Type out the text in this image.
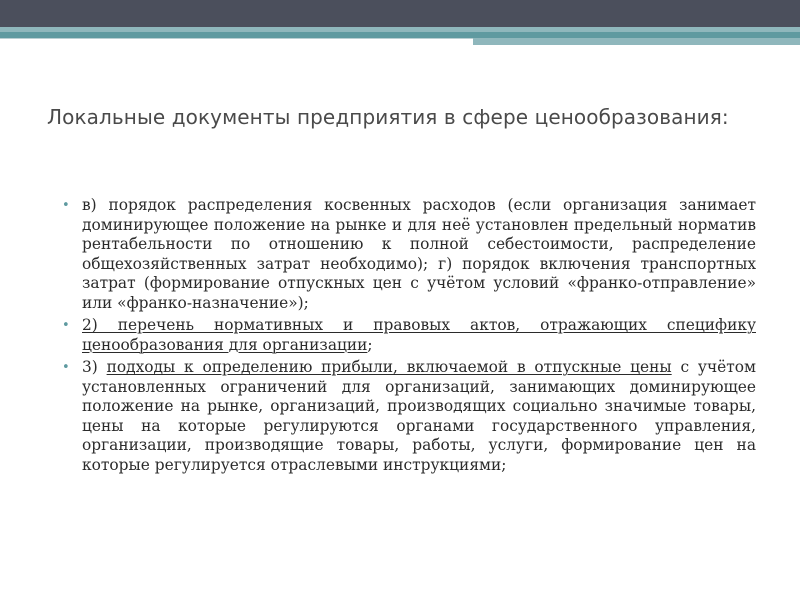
Локальные документы предприятия в сфере ценообразования:
• в) порядок распределения косвенных расходов (если организация занимает доминирующее положение на рынке и для неё установлен предельный норматив рентабельности по отношению к полной себестоимости, распределение общехозяйственных затрат необходимо); г) порядок включения транспортных затрат (формирование отпускных цен с учётом условий «франко-отправление» или «франко-назначение»);
• 2) перечень нормативных и правовых актов, отражающих специфику ценообразования для организации;
• 3) подходы к определению прибыли, включаемой в отпускные цены с учётом установленных ограничений для организаций, занимающих доминирующее положение на рынке, организаций, производящих социально значимые товары, цены на которые регулируются органами государственного управления, организации, производящие товары, работы, услуги, формирование цен на которые регулируется отраслевыми инструкциями;
